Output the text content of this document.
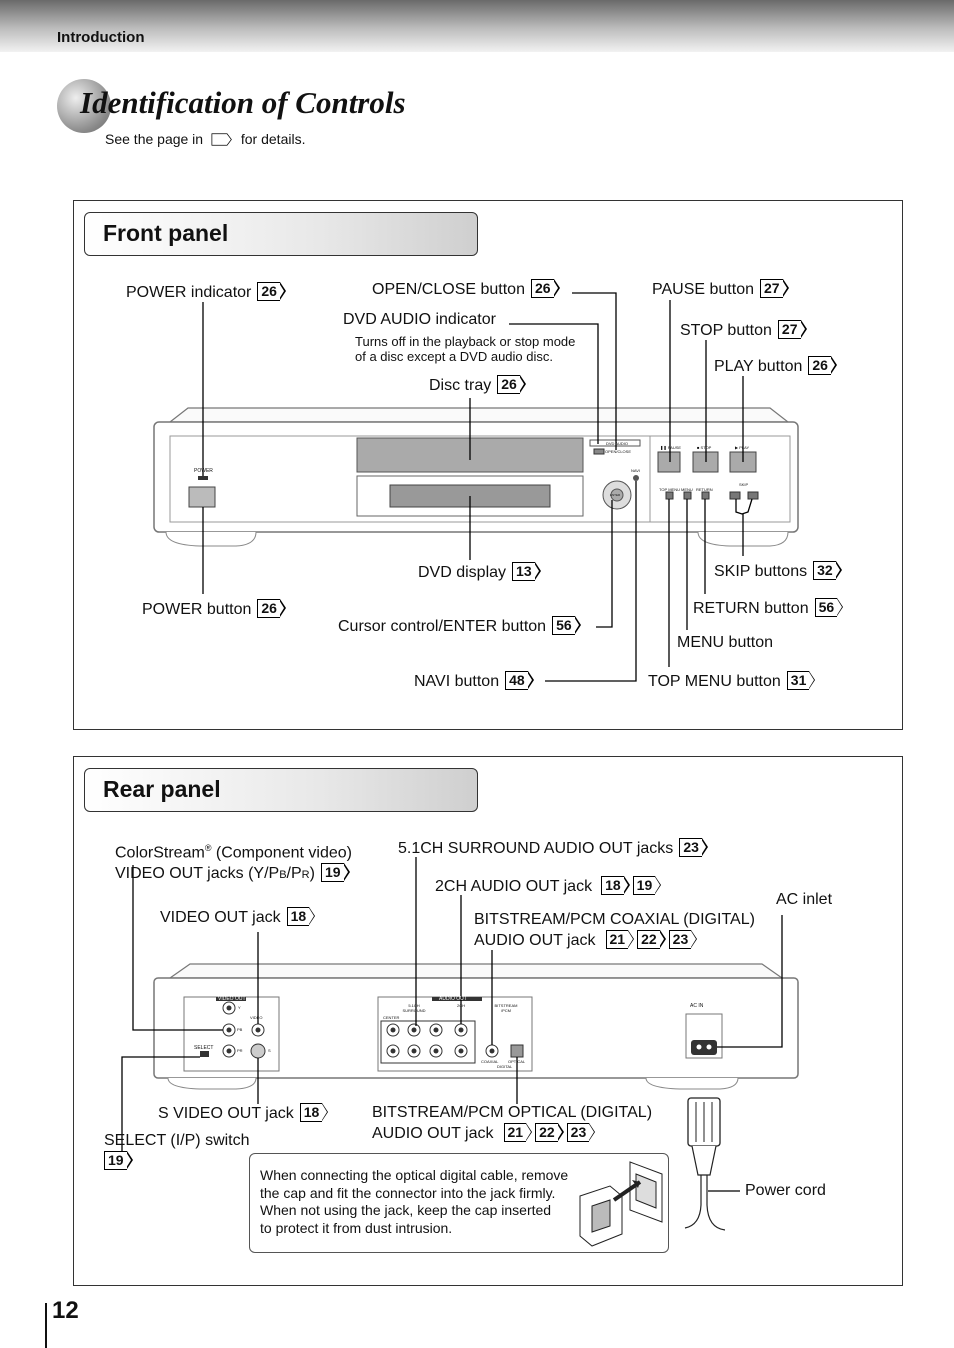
Introduction
Identification of Controls
See the page in	for details.
Front panel
POWER
DVD AUDIO
OPEN/CLOSE
NAVI
ENTER
❚❚ PAUSE	■ STOP	▶ PLAY
TOP MENU MENU RETURN
SKIP
POWER indicator 26	OPEN/CLOSE button 26
DVD AUDIO indicator
Turns off in the playback or stop mode
of a disc except a DVD audio disc.
Disc tray 26
PAUSE button 27
STOP button 27
PLAY button 26
DVD display 13	SKIP buttons 32
POWER button 26	RETURN button 56
Cursor control/ENTER button 56
MENU button
NAVI button 48	TOP MENU button 31
Rear panel
VIDEO OUT	AUDIO OUT
5.1CH SURROUND
2CH	BITSTREAM /PCM
CENTER
COAXIAL OPTICAL
DIGITAL
AC IN
VIDEO
SELECT
Y
PB
PR	S
ColorStream® (Component video)
VIDEO OUT jacks (Y/PB/PR) 19
5.1CH SURROUND AUDIO OUT jacks 23
2CH AUDIO OUT jack 18 19
AC inlet
VIDEO OUT jack 18	BITSTREAM/PCM COAXIAL (DIGITAL)
AUDIO OUT jack 21 22 23
S VIDEO OUT jack 18	BITSTREAM/PCM OPTICAL (DIGITAL)
AUDIO OUT jack 21 22 23
SELECT (I/P) switch
19
Power cord
When connecting the optical digital cable, remove
the cap and fit the connector into the jack firmly.
When not using the jack, keep the cap inserted
to protect it from dust intrusion.
12
